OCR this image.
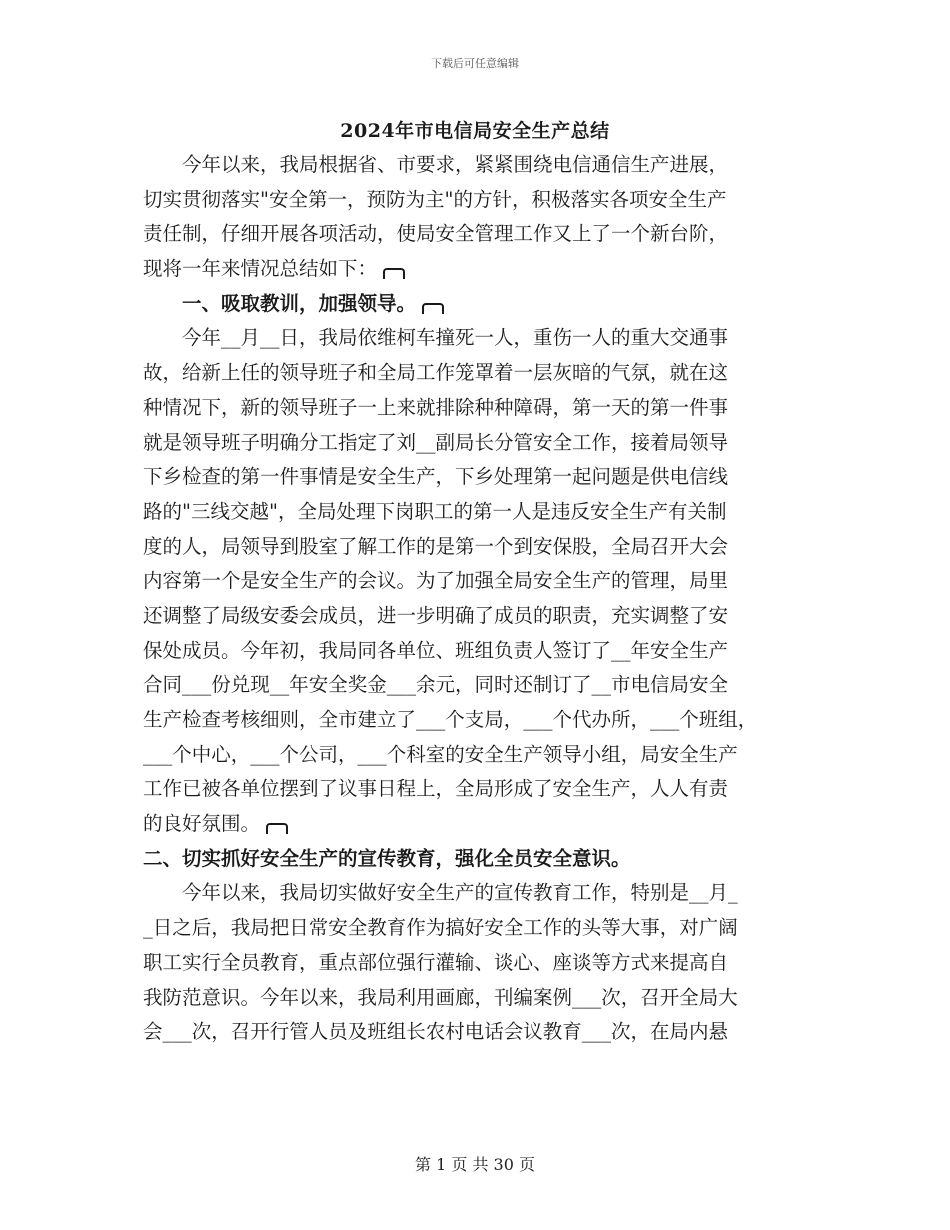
下载后可任意编辑
2024年市电信局安全生产总结
　　今年以来，我局根据省、市要求，紧紧围绕电信通信生产进展，
切实贯彻落实"安全第一，预防为主"的方针，积极落实各项安全生产
责任制，仔细开展各项活动，使局安全管理工作又上了一个新台阶，
现将一年来情况总结如下：
　　一、吸取教训，加强领导。
　　今年__月__日，我局依维柯车撞死一人，重伤一人的重大交通事
故，给新上任的领导班子和全局工作笼罩着一层灰暗的气氛，就在这
种情况下，新的领导班子一上来就排除种种障碍，第一天的第一件事
就是领导班子明确分工指定了刘__副局长分管安全工作，接着局领导
下乡检查的第一件事情是安全生产，下乡处理第一起问题是供电信线
路的"三线交越"，全局处理下岗职工的第一人是违反安全生产有关制
度的人，局领导到股室了解工作的是第一个到安保股，全局召开大会
内容第一个是安全生产的会议。为了加强全局安全生产的管理，局里
还调整了局级安委会成员，进一步明确了成员的职责，充实调整了安
保处成员。今年初，我局同各单位、班组负责人签订了__年安全生产
合同___份兑现__年安全奖金___余元，同时还制订了__市电信局安全
生产检查考核细则，全市建立了___个支局，___个代办所，___个班组，
___个中心，___个公司，___个科室的安全生产领导小组，局安全生产
工作已被各单位摆到了议事日程上，全局形成了安全生产，人人有责
的良好氛围。
二、切实抓好安全生产的宣传教育，强化全员安全意识。
　　今年以来，我局切实做好安全生产的宣传教育工作，特别是__月_
_日之后，我局把日常安全教育作为搞好安全工作的头等大事，对广阔
职工实行全员教育，重点部位强行灌输、谈心、座谈等方式来提高自
我防范意识。今年以来，我局利用画廊，刊编案例___次，召开全局大
会___次，召开行管人员及班组长农村电话会议教育___次，在局内悬
第 1 页 共 30 页
